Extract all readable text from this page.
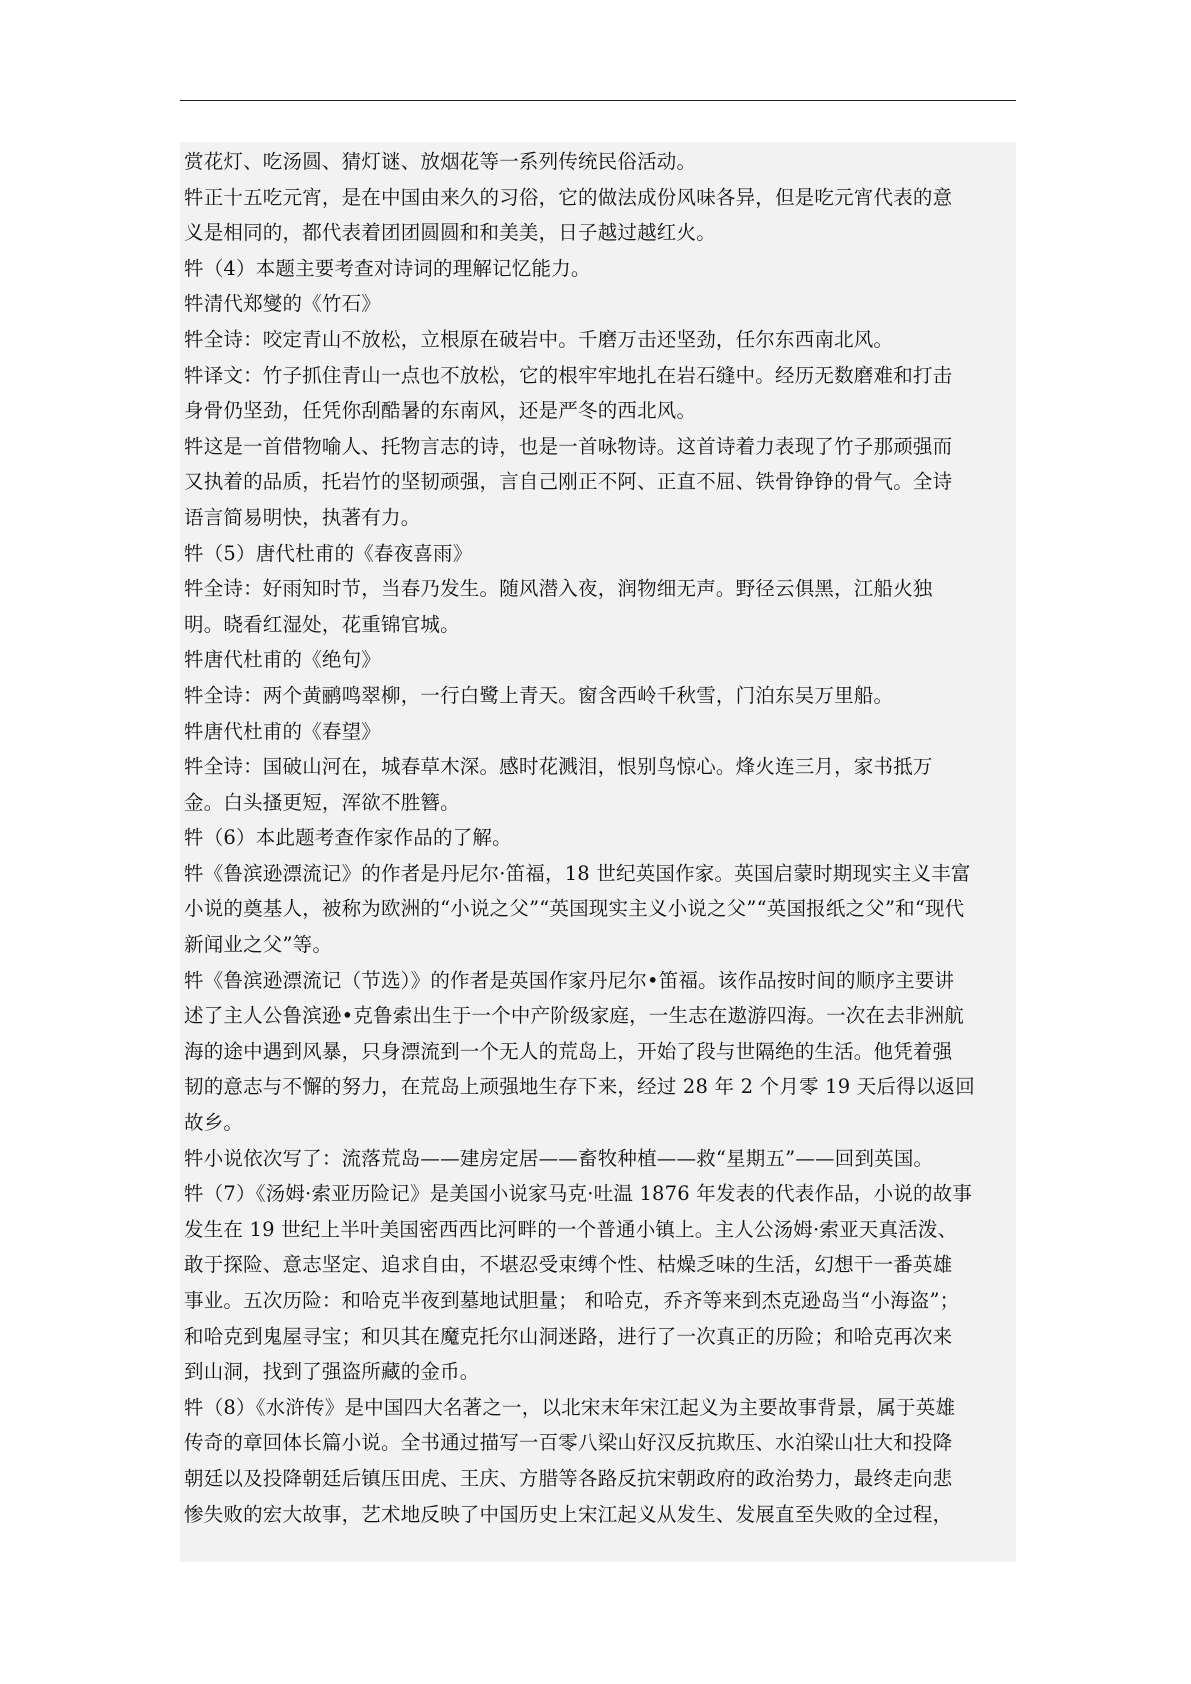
赏花灯、吃汤圆、猜灯谜、放烟花等一系列传统民俗活动。
牪正十五吃元宵，是在中国由来久的习俗，它的做法成份风味各异，但是吃元宵代表的意
义是相同的，都代表着团团圆圆和和美美，日子越过越红火。
牪（4）本题主要考查对诗词的理解记忆能力。
牪清代郑燮的《竹石》
牪全诗：咬定青山不放松，立根原在破岩中。千磨万击还坚劲，任尔东西南北风。
牪译文：竹子抓住青山一点也不放松，它的根牢牢地扎在岩石缝中。经历无数磨难和打击
身骨仍坚劲，任凭你刮酷暑的东南风，还是严冬的西北风。
牪这是一首借物喻人、托物言志的诗，也是一首咏物诗。这首诗着力表现了竹子那顽强而
又执着的品质，托岩竹的坚韧顽强，言自己刚正不阿、正直不屈、铁骨铮铮的骨气。全诗
语言简易明快，执著有力。
牪（5）唐代杜甫的《春夜喜雨》
牪全诗：好雨知时节，当春乃发生。随风潜入夜，润物细无声。野径云俱黑，江船火独
明。晓看红湿处，花重锦官城。
牪唐代杜甫的《绝句》
牪全诗：两个黄鹂鸣翠柳，一行白鹭上青天。窗含西岭千秋雪，门泊东吴万里船。
牪唐代杜甫的《春望》
牪全诗：国破山河在，城春草木深。感时花溅泪，恨别鸟惊心。烽火连三月，家书抵万
金。白头搔更短，浑欲不胜簪。
牪（6）本此题考查作家作品的了解。
牪《鲁滨逊漂流记》的作者是丹尼尔·笛福，18 世纪英国作家。英国启蒙时期现实主义丰富
小说的奠基人，被称为欧洲的“小说之父”“英国现实主义小说之父”“英国报纸之父”和“现代
新闻业之父”等。
牪《鲁滨逊漂流记（节选）》的作者是英国作家丹尼尔•笛福。该作品按时间的顺序主要讲
述了主人公鲁滨逊•克鲁索出生于一个中产阶级家庭，一生志在遨游四海。一次在去非洲航
海的途中遇到风暴，只身漂流到一个无人的荒岛上，开始了段与世隔绝的生活。他凭着强
韧的意志与不懈的努力，在荒岛上顽强地生存下来，经过 28 年 2 个月零 19 天后得以返回
故乡。
牪小说依次写了：流落荒岛——建房定居——畜牧种植——救“星期五”——回到英国。
牪（7）《汤姆·索亚历险记》是美国小说家马克·吐温 1876 年发表的代表作品，小说的故事
发生在 19 世纪上半叶美国密西西比河畔的一个普通小镇上。主人公汤姆·索亚天真活泼、
敢于探险、意志坚定、追求自由，不堪忍受束缚个性、枯燥乏味的生活，幻想干一番英雄
事业。五次历险：和哈克半夜到墓地试胆量； 和哈克，乔齐等来到杰克逊岛当“小海盗”；
和哈克到鬼屋寻宝；和贝其在魔克托尔山洞迷路，进行了一次真正的历险；和哈克再次来
到山洞，找到了强盗所藏的金币。
牪（8）《水浒传》是中国四大名著之一，以北宋末年宋江起义为主要故事背景，属于英雄
传奇的章回体长篇小说。全书通过描写一百零八梁山好汉反抗欺压、水泊梁山壮大和投降
朝廷以及投降朝廷后镇压田虎、王庆、方腊等各路反抗宋朝政府的政治势力，最终走向悲
惨失败的宏大故事，艺术地反映了中国历史上宋江起义从发生、发展直至失败的全过程，
